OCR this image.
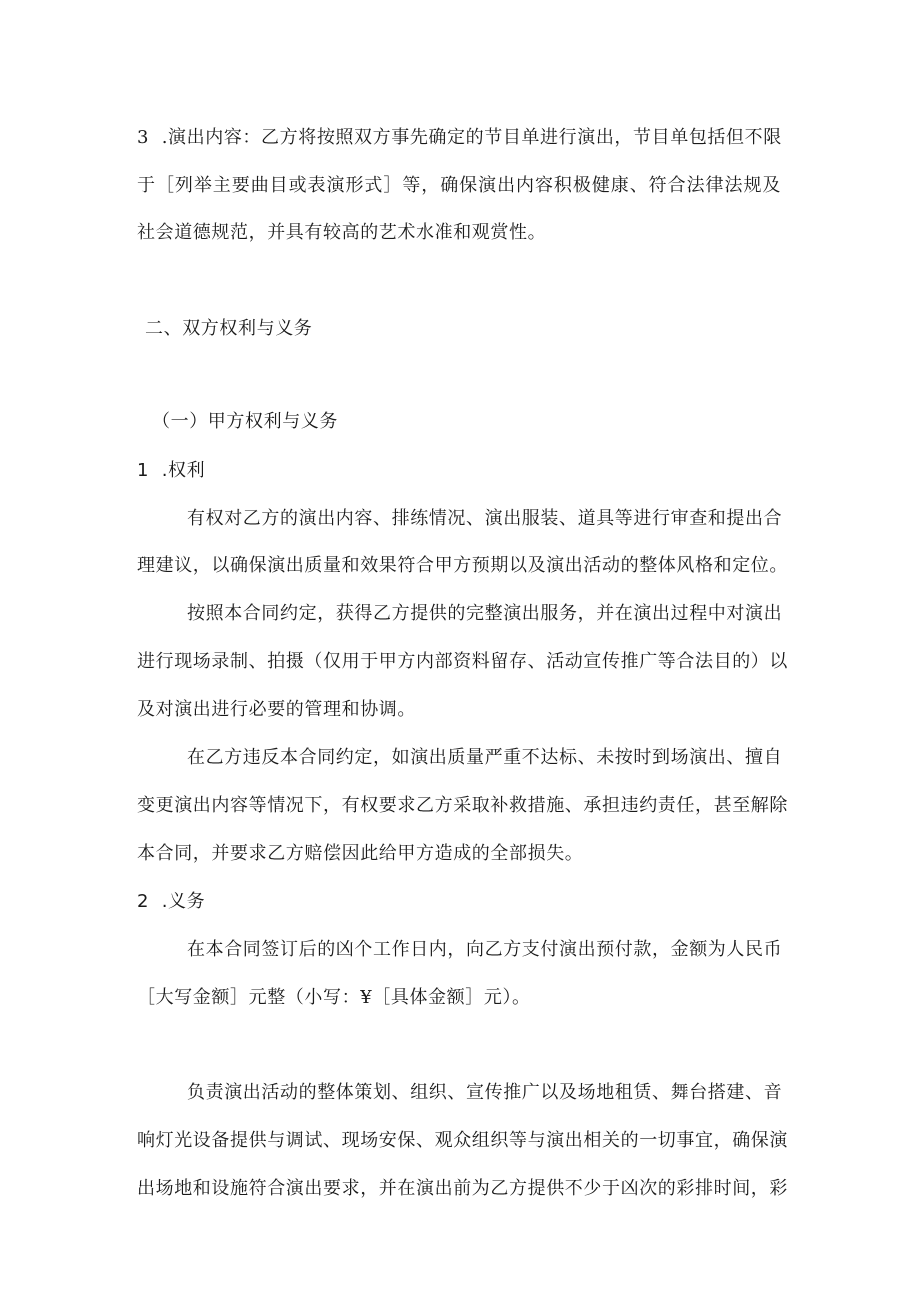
3  .演出内容：乙方将按照双方事先确定的节目单进行演出，节目单包括但不限
于［列举主要曲目或表演形式］等，确保演出内容积极健康、符合法律法规及
社会道德规范，并具有较高的艺术水准和观赏性。
二、双方权利与义务
（一）甲方权利与义务
1  .权利
有权对乙方的演出内容、排练情况、演出服装、道具等进行审查和提出合
理建议，以确保演出质量和效果符合甲方预期以及演出活动的整体风格和定位。
按照本合同约定，获得乙方提供的完整演出服务，并在演出过程中对演出
进行现场录制、拍摄（仅用于甲方内部资料留存、活动宣传推广等合法目的）以
及对演出进行必要的管理和协调。
在乙方违反本合同约定，如演出质量严重不达标、未按时到场演出、擅自
变更演出内容等情况下，有权要求乙方采取补救措施、承担违约责任，甚至解除
本合同，并要求乙方赔偿因此给甲方造成的全部损失。
2  .义务
在本合同签订后的凶个工作日内，向乙方支付演出预付款，金额为人民币
［大写金额］元整（小写：¥［具体金额］元）。
负责演出活动的整体策划、组织、宣传推广以及场地租赁、舞台搭建、音
响灯光设备提供与调试、现场安保、观众组织等与演出相关的一切事宜，确保演
出场地和设施符合演出要求，并在演出前为乙方提供不少于凶次的彩排时间，彩
